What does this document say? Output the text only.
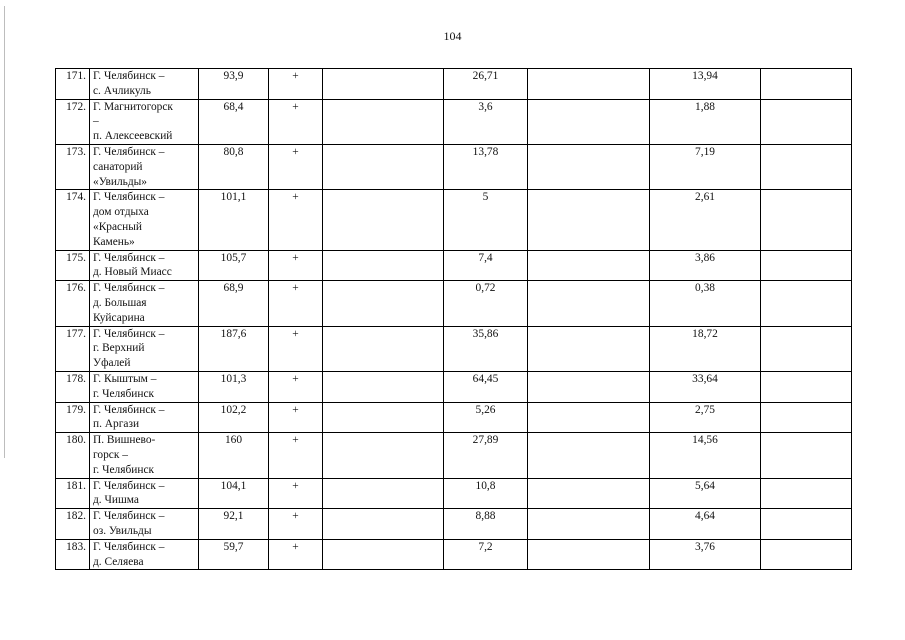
104
171.	Г. Челябинск –
с. Ачликуль	93,9	+		26,71		13,94	
172.	Г. Магнитогорск
–
п. Алексеевский	68,4	+		3,6		1,88	
173.	Г. Челябинск –
санаторий
«Увильды»	80,8	+		13,78		7,19	
174.	Г. Челябинск –
дом отдыха
«Красный
Камень»	101,1	+		5		2,61	
175.	Г. Челябинск –
д. Новый Миасс	105,7	+		7,4		3,86	
176.	Г. Челябинск –
д. Большая
Куйсарина	68,9	+		0,72		0,38	
177.	Г. Челябинск –
г. Верхний
Уфалей	187,6	+		35,86		18,72	
178.	Г. Кыштым –
г. Челябинск	101,3	+		64,45		33,64	
179.	Г. Челябинск –
п. Аргази	102,2	+		5,26		2,75	
180.	П. Вишнево-
горск –
г. Челябинск	160	+		27,89		14,56	
181.	Г. Челябинск –
д. Чишма	104,1	+		10,8		5,64	
182.	Г. Челябинск –
оз. Увильды	92,1	+		8,88		4,64	
183.	Г. Челябинск –
д. Селяева	59,7	+		7,2		3,76	
